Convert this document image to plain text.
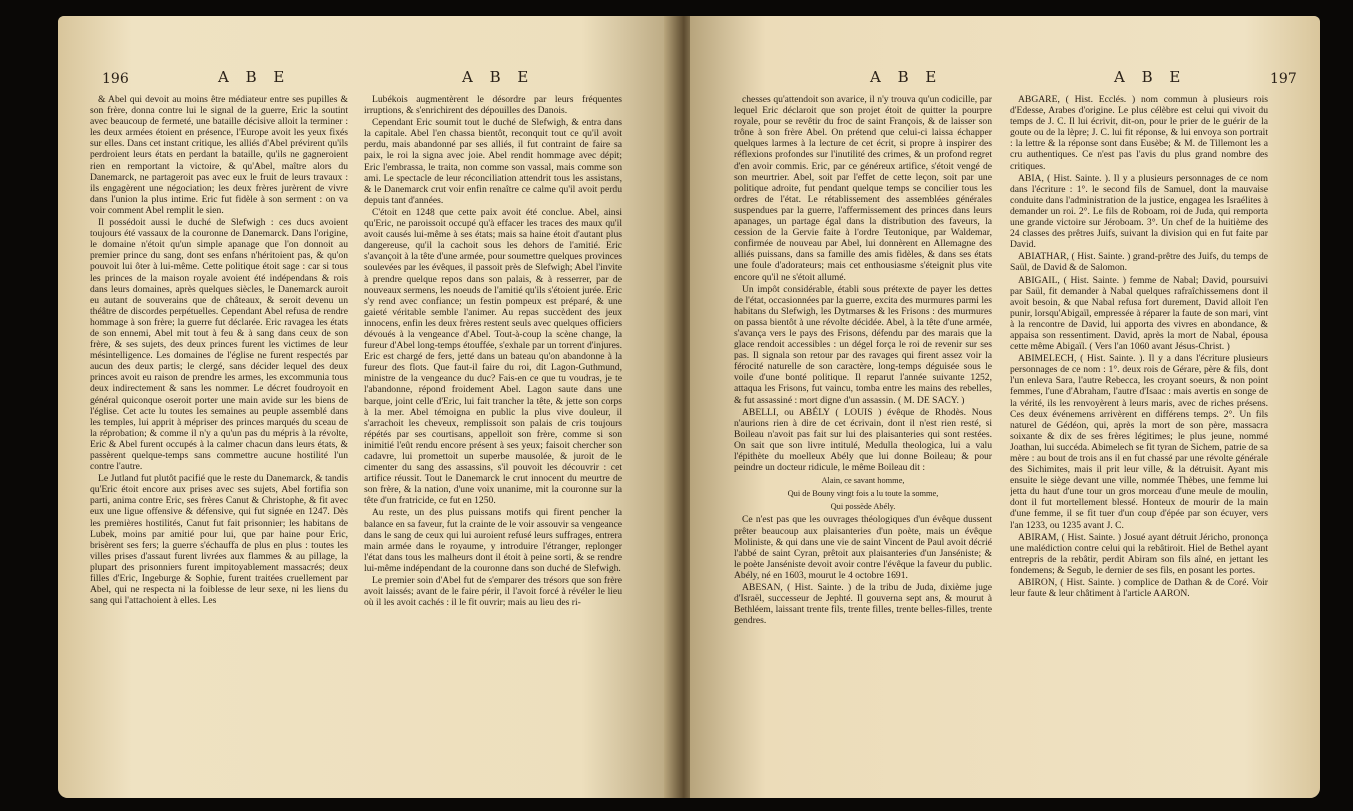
196	A B E	A B E

& Abel qui devoit au moins être médiateur entre ses pupilles & son frère, donna contre lui le signal de la guerre, Eric la soutint avec beaucoup de fermeté, une bataille décisive alloit la terminer : les deux armées étoient en présence, l'Europe avoit les yeux fixés sur elles. Dans cet instant critique, les alliés d'Abel prévirent qu'ils perdroient leurs états en perdant la bataille, qu'ils ne gagneroient rien en remportant la victoire, & qu'Abel, maître alors du Danemarck, ne partageroit pas avec eux le fruit de leurs travaux : ils engagèrent une négociation; les deux frères jurèrent de vivre dans l'union la plus intime. Eric fut fidèle à son serment : on va voir comment Abel remplit le sien.

Il possédoit aussi le duché de Slefwigh : ces ducs avoient toujours été vassaux de la couronne de Danemarck. Dans l'origine, le domaine n'étoit qu'un simple apanage que l'on donnoit au premier prince du sang, dont ses enfans n'héritoient pas, & qu'on pouvoit lui ôter à lui-même. Cette politique étoit sage : car si tous les princes de la maison royale avoient été indépendans & rois dans leurs domaines, après quelques siècles, le Danemarck auroit eu autant de souverains que de châteaux, & seroit devenu un théâtre de discordes perpétuelles. Cependant Abel refusa de rendre hommage à son frère; la guerre fut déclarée. Eric ravagea les états de son ennemi, Abel mit tout à feu & à sang dans ceux de son frère, & ses sujets, des deux princes furent les victimes de leur mésintelligence. Les domaines de l'église ne furent respectés par aucun des deux partis; le clergé, sans décider lequel des deux princes avoit eu raison de prendre les armes, les excommunia tous deux indirectement & sans les nommer. Le décret foudroyoit en général quiconque oseroit porter une main avide sur les biens de l'église. Cet acte lu toutes les semaines au peuple assemblé dans les temples, lui apprit à mépriser des princes marqués du sceau de la réprobation; & comme il n'y a qu'un pas du mépris à la révolte, Eric & Abel furent occupés à la calmer chacun dans leurs états, & passèrent quelque-temps sans commettre aucune hostilité l'un contre l'autre.

Le Jutland fut plutôt pacifié que le reste du Danemarck, & tandis qu'Eric étoit encore aux prises avec ses sujets, Abel fortifia son parti, anima contre Eric, ses frères Canut & Christophe, & fit avec eux une ligue offensive & défensive, qui fut signée en 1247. Dès les premières hostilités, Canut fut fait prisonnier; les habitans de Lubek, moins par amitié pour lui, que par haine pour Eric, brisèrent ses fers; la guerre s'échauffa de plus en plus : toutes les villes prises d'assaut furent livrées aux flammes & au pillage, la plupart des prisonniers furent impitoyablement massacrés; deux filles d'Eric, Ingeburge & Sophie, furent traitées cruellement par Abel, qui ne respecta ni la foiblesse de leur sexe, ni les liens du sang qui l'attachoient à elles. Les

Lubékois augmentèrent le désordre par leurs fréquentes irruptions, & s'enrichirent des dépouilles des Danois.

Cependant Eric soumit tout le duché de Slefwigh, & entra dans la capitale. Abel l'en chassa bientôt, reconquit tout ce qu'il avoit perdu, mais abandonné par ses alliés, il fut contraint de faire sa paix, le roi la signa avec joie. Abel rendit hommage avec dépit; Eric l'embrassa, le traita, non comme son vassal, mais comme son ami. Le spectacle de leur réconciliation attendrit tous les assistans, & le Danemarck crut voir enfin renaître ce calme qu'il avoit perdu depuis tant d'années.

C'étoit en 1248 que cette paix avoit été conclue. Abel, ainsi qu'Eric, ne paroissoit occupé qu'à effacer les traces des maux qu'il avoit causés lui-même à ses états; mais sa haine étoit d'autant plus dangereuse, qu'il la cachoit sous les dehors de l'amitié. Eric s'avançoit à la tête d'une armée, pour soumettre quelques provinces soulevées par les évêques, il passoit près de Slefwigh; Abel l'invite à prendre quelque repos dans son palais, & à resserrer, par de nouveaux sermens, les noeuds de l'amitié qu'ils s'étoient jurée. Eric s'y rend avec confiance; un festin pompeux est préparé, & une gaieté véritable semble l'animer. Au repas succèdent des jeux innocens, enfin les deux frères restent seuls avec quelques officiers dévoués à la vengeance d'Abel. Tout-à-coup la scène change, la fureur d'Abel long-temps étouffée, s'exhale par un torrent d'injures. Eric est chargé de fers, jetté dans un bateau qu'on abandonne à la fureur des flots. Que faut-il faire du roi, dit Lagon-Guthmund, ministre de la vengeance du duc? Fais-en ce que tu voudras, je te l'abandonne, répond froidement Abel. Lagon saute dans une barque, joint celle d'Eric, lui fait trancher la tête, & jette son corps à la mer. Abel témoigna en public la plus vive douleur, il s'arrachoit les cheveux, remplissoit son palais de cris toujours répétés par ses courtisans, appelloit son frère, comme si son inimitié l'eût rendu encore présent à ses yeux; faisoit chercher son cadavre, lui promettoit un superbe mausolée, & juroit de le cimenter du sang des assassins, s'il pouvoit les découvrir : cet artifice réussit. Tout le Danemarck le crut innocent du meurtre de son frère, & la nation, d'une voix unanime, mit la couronne sur la tête d'un fratricide, ce fut en 1250.

Au reste, un des plus puissans motifs qui firent pencher la balance en sa faveur, fut la crainte de le voir assouvir sa vengeance dans le sang de ceux qui lui auroient refusé leurs suffrages, entrera main armée dans le royaume, y introduire l'étranger, replonger l'état dans tous les malheurs dont il étoit à peine sorti, & se rendre lui-même indépendant de la couronne dans son duché de Slefwigh.

Le premier soin d'Abel fut de s'emparer des trésors que son frère avoit laissés; avant de le faire périr, il l'avoit forcé à révéler le lieu où il les avoit cachés : il le fit ouvrir; mais au lieu des ri-

A B E	A B E	197

chesses qu'attendoit son avarice, il n'y trouva qu'un codicille, par lequel Eric déclaroit que son projet étoit de quitter la pourpre royale, pour se revêtir du froc de saint François, & de laisser son trône à son frère Abel. On prétend que celui-ci laissa échapper quelques larmes à la lecture de cet écrit, si propre à inspirer des réflexions profondes sur l'inutilité des crimes, & un profond regret d'en avoir commis. Eric, par ce généreux artifice, s'étoit vengé de son meurtrier. Abel, soit par l'effet de cette leçon, soit par une politique adroite, fut pendant quelque temps se concilier tous les ordres de l'état. Le rétablissement des assemblées générales suspendues par la guerre, l'affermissement des princes dans leurs apanages, un partage égal dans la distribution des faveurs, la cession de la Gervie faite à l'ordre Teutonique, par Waldemar, confirmée de nouveau par Abel, lui donnèrent en Allemagne des alliés puissans, dans sa famille des amis fidèles, & dans ses états une foule d'adorateurs; mais cet enthousiasme s'éteignit plus vite encore qu'il ne s'étoit allumé.

Un impôt considérable, établi sous prétexte de payer les dettes de l'état, occasionnées par la guerre, excita des murmures parmi les habitans du Slefwigh, les Dytmarses & les Frisons : des murmures on passa bientôt à une révolte décidée. Abel, à la tête d'une armée, s'avança vers le pays des Frisons, défendu par des marais que la glace rendoit accessibles : un dégel força le roi de revenir sur ses pas. Il signala son retour par des ravages qui firent assez voir la férocité naturelle de son caractère, long-temps déguisée sous le voile d'une bonté politique. Il reparut l'année suivante 1252, attaqua les Frisons, fut vaincu, tomba entre les mains des rebelles, & fut assassiné : mort digne d'un assassin. ( M. DE SACY. )

ABELLI, ou ABÉLY ( LOUIS ) évêque de Rhodès. Nous n'aurions rien à dire de cet écrivain, dont il n'est rien resté, si Boileau n'avoit pas fait sur lui des plaisanteries qui sont restées. On sait que son livre intitulé, Medulla theologica, lui a valu l'épithète du moelleux Abély que lui donne Boileau; & pour peindre un docteur ridicule, le même Boileau dit :

Alain, ce savant homme,

Qui de Bouny vingt fois a lu toute la somme,

Qui possède Abély.

Ce n'est pas que les ouvrages théologiques d'un évêque dussent prêter beaucoup aux plaisanteries d'un poète, mais un évêque Moliniste, & qui dans une vie de saint Vincent de Paul avoit décrié l'abbé de saint Cyran, prêtoit aux plaisanteries d'un Janséniste; & le poète Janséniste devoit avoir contre l'évêque la faveur du public. Abély, né en 1603, mourut le 4 octobre 1691.

ABESAN, ( Hist. Sainte. ) de la tribu de Juda, dixième juge d'Israël, successeur de Jephté. Il gouverna sept ans, & mourut à Bethléem, laissant trente fils, trente filles, trente belles-filles, trente gendres.

ABGARE, ( Hist. Ecclés. ) nom commun à plusieurs rois d'Edesse, Arabes d'origine. Le plus célèbre est celui qui vivoit du temps de J. C. Il lui écrivit, dit-on, pour le prier de le guérir de la goute ou de la lèpre; J. C. lui fit réponse, & lui envoya son portrait : la lettre & la réponse sont dans Eusèbe; & M. de Tillemont les a cru authentiques. Ce n'est pas l'avis du plus grand nombre des critiques.

ABIA, ( Hist. Sainte. ). Il y a plusieurs personnages de ce nom dans l'écriture : 1°. le second fils de Samuel, dont la mauvaise conduite dans l'administration de la justice, engagea les Israélites à demander un roi. 2°. Le fils de Roboam, roi de Juda, qui remporta une grande victoire sur Jéroboam. 3°. Un chef de la huitième des 24 classes des prêtres Juifs, suivant la division qui en fut faite par David.

ABIATHAR, ( Hist. Sainte. ) grand-prêtre des Juifs, du temps de Saül, de David & de Salomon.

ABIGAIL, ( Hist. Sainte. ) femme de Nabal; David, poursuivi par Saül, fit demander à Nabal quelques rafraîchissemens dont il avoit besoin, & que Nabal refusa fort durement, David alloit l'en punir, lorsqu'Abigaïl, empressée à réparer la faute de son mari, vint à la rencontre de David, lui apporta des vivres en abondance, & appaisa son ressentiment. David, après la mort de Nabal, épousa cette même Abigaïl. ( Vers l'an 1060 avant Jésus-Christ. )

ABIMELECH, ( Hist. Sainte. ). Il y a dans l'écriture plusieurs personnages de ce nom : 1°. deux rois de Gérare, père & fils, dont l'un enleva Sara, l'autre Rebecca, les croyant soeurs, & non point femmes, l'une d'Abraham, l'autre d'Isaac : mais avertis en songe de la vérité, ils les renvoyèrent à leurs maris, avec de riches présens. Ces deux événemens arrivèrent en différens temps. 2°. Un fils naturel de Gédéon, qui, après la mort de son père, massacra soixante & dix de ses frères légitimes; le plus jeune, nommé Joathan, lui succéda. Abimelech se fit tyran de Sichem, patrie de sa mère : au bout de trois ans il en fut chassé par une révolte générale des Sichimites, mais il prit leur ville, & la détruisit. Ayant mis ensuite le siège devant une ville, nommée Thèbes, une femme lui jetta du haut d'une tour un gros morceau d'une meule de moulin, dont il fut mortellement blessé. Honteux de mourir de la main d'une femme, il se fit tuer d'un coup d'épée par son écuyer, vers l'an 1233, ou 1235 avant J. C.

ABIRAM, ( Hist. Sainte. ) Josué ayant détruit Jéricho, prononça une malédiction contre celui qui la rebâtiroit. Hiel de Bethel ayant entrepris de la rebâtir, perdit Abiram son fils aîné, en jettant les fondemens; & Segub, le dernier de ses fils, en posant les portes.

ABIRON, ( Hist. Sainte. ) complice de Dathan & de Coré. Voir leur faute & leur châtiment à l'article AARON.
